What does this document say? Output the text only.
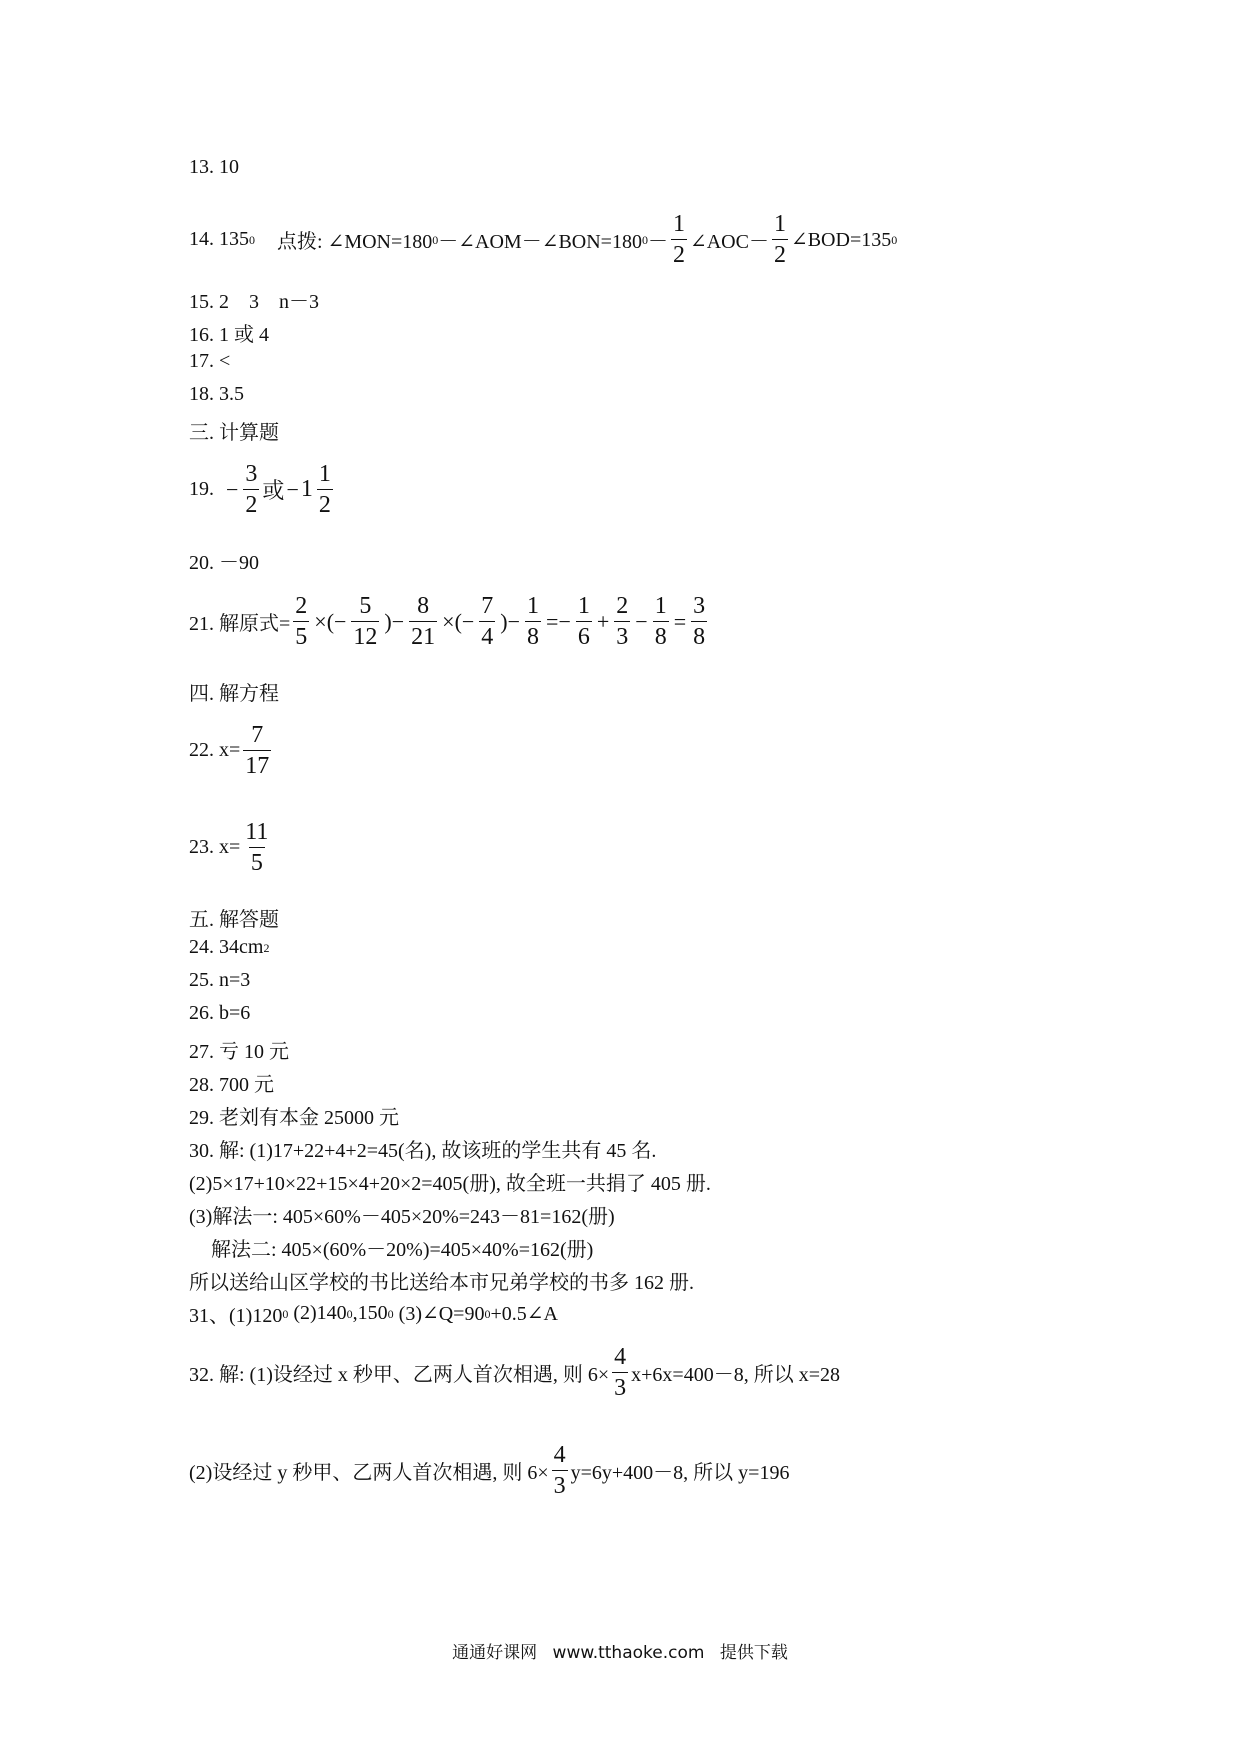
13. 10
14. 135 0 点拨: ∠MON=180 0 －∠AOM－∠BON=180 $0 - \frac{1}{2}$ ∠AOC－ $\frac{1}{2}$ ∠BOD=135 0
15. 2    3    n－3
16. 1 或 4
17. <
18. 3.5
三. 计算题
19. − $\frac{3}{2}$ 或 − $1 \frac{1}{2}$
20. －90
21. 解原式= $\frac{2}{5}$ ×(− $\frac{5}{12}$ )− $\frac{8}{21}$ ×(− $\frac{7}{4}$ )− $\frac{1}{8} =- \frac{1}{6} + \frac{2}{3} - \frac{1}{8} = \frac{3}{8}$
四. 解方程
22. $x= \frac{7}{17}$
23. $x= \frac{11}{5}$
五. 解答题
24. 34cm 2
25. n=3
26. b=6
27. 亏 10 元
28. 700 元
29. 老刘有本金 25000 元
30. 解: (1)17+22+4+2=45(名), 故该班的学生共有 45 名.
(2)5×17+10×22+15×4+20×2=405(册), 故全班一共捐了 405 册.
(3)解法一: 405×60%－405×20%=243－81=162(册)
解法二: 405×(60%－20%)=405×40%=162(册)
所以送给山区学校的书比送给本市兄弟学校的书多 162 册.
31、(1)120 0 (2)140 0 ,150 0 (3)∠Q=90 0 +0.5∠A
32. 解: (1)设经过 x 秒甲、乙两人首次相遇, 则 $6\times \frac{4}{3} x+6x=400-8$, 所以 x=28
(2)设经过 y 秒甲、乙两人首次相遇, 则 $6\times \frac{4}{3} y=6y+400-8$, 所以 y=196
通通好课网 www.tthaoke.com 提供下载
